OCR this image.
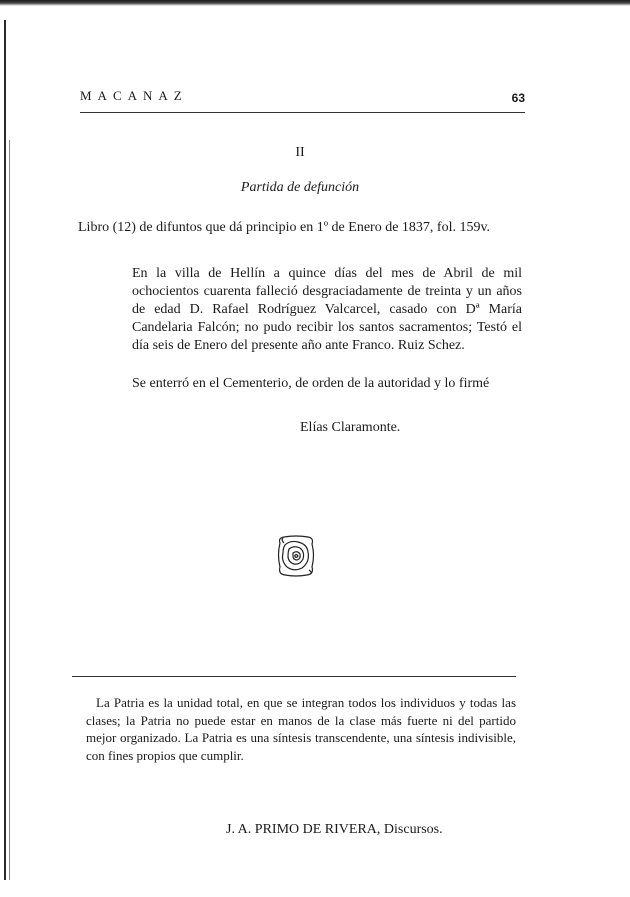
MACANAZ	63
II
Partida de defunción

Libro (12) de difuntos que dá principio en 1º de Enero de 1837, fol. 159v.

En la villa de Hellín a quince días del mes de Abril de mil ochocientos cuarenta falleció desgraciadamente de treinta y un años de edad D. Rafael Rodríguez Valcarcel, casado con Dª María Candelaria Falcón; no pudo recibir los santos sacramentos; Testó el día seis de Enero del presente año ante Franco. Ruiz Schez.

Se enterró en el Cementerio, de orden de la autoridad y lo firmé

Elías Claramonte.

La Patria es la unidad total, en que se integran todos los individuos y todas las clases; la Patria no puede estar en manos de la clase más fuerte ni del partido mejor organizado. La Patria es una síntesis transcendente, una síntesis indivisible, con fines propios que cumplir.

J. A. PRIMO DE RIVERA, Discursos.
